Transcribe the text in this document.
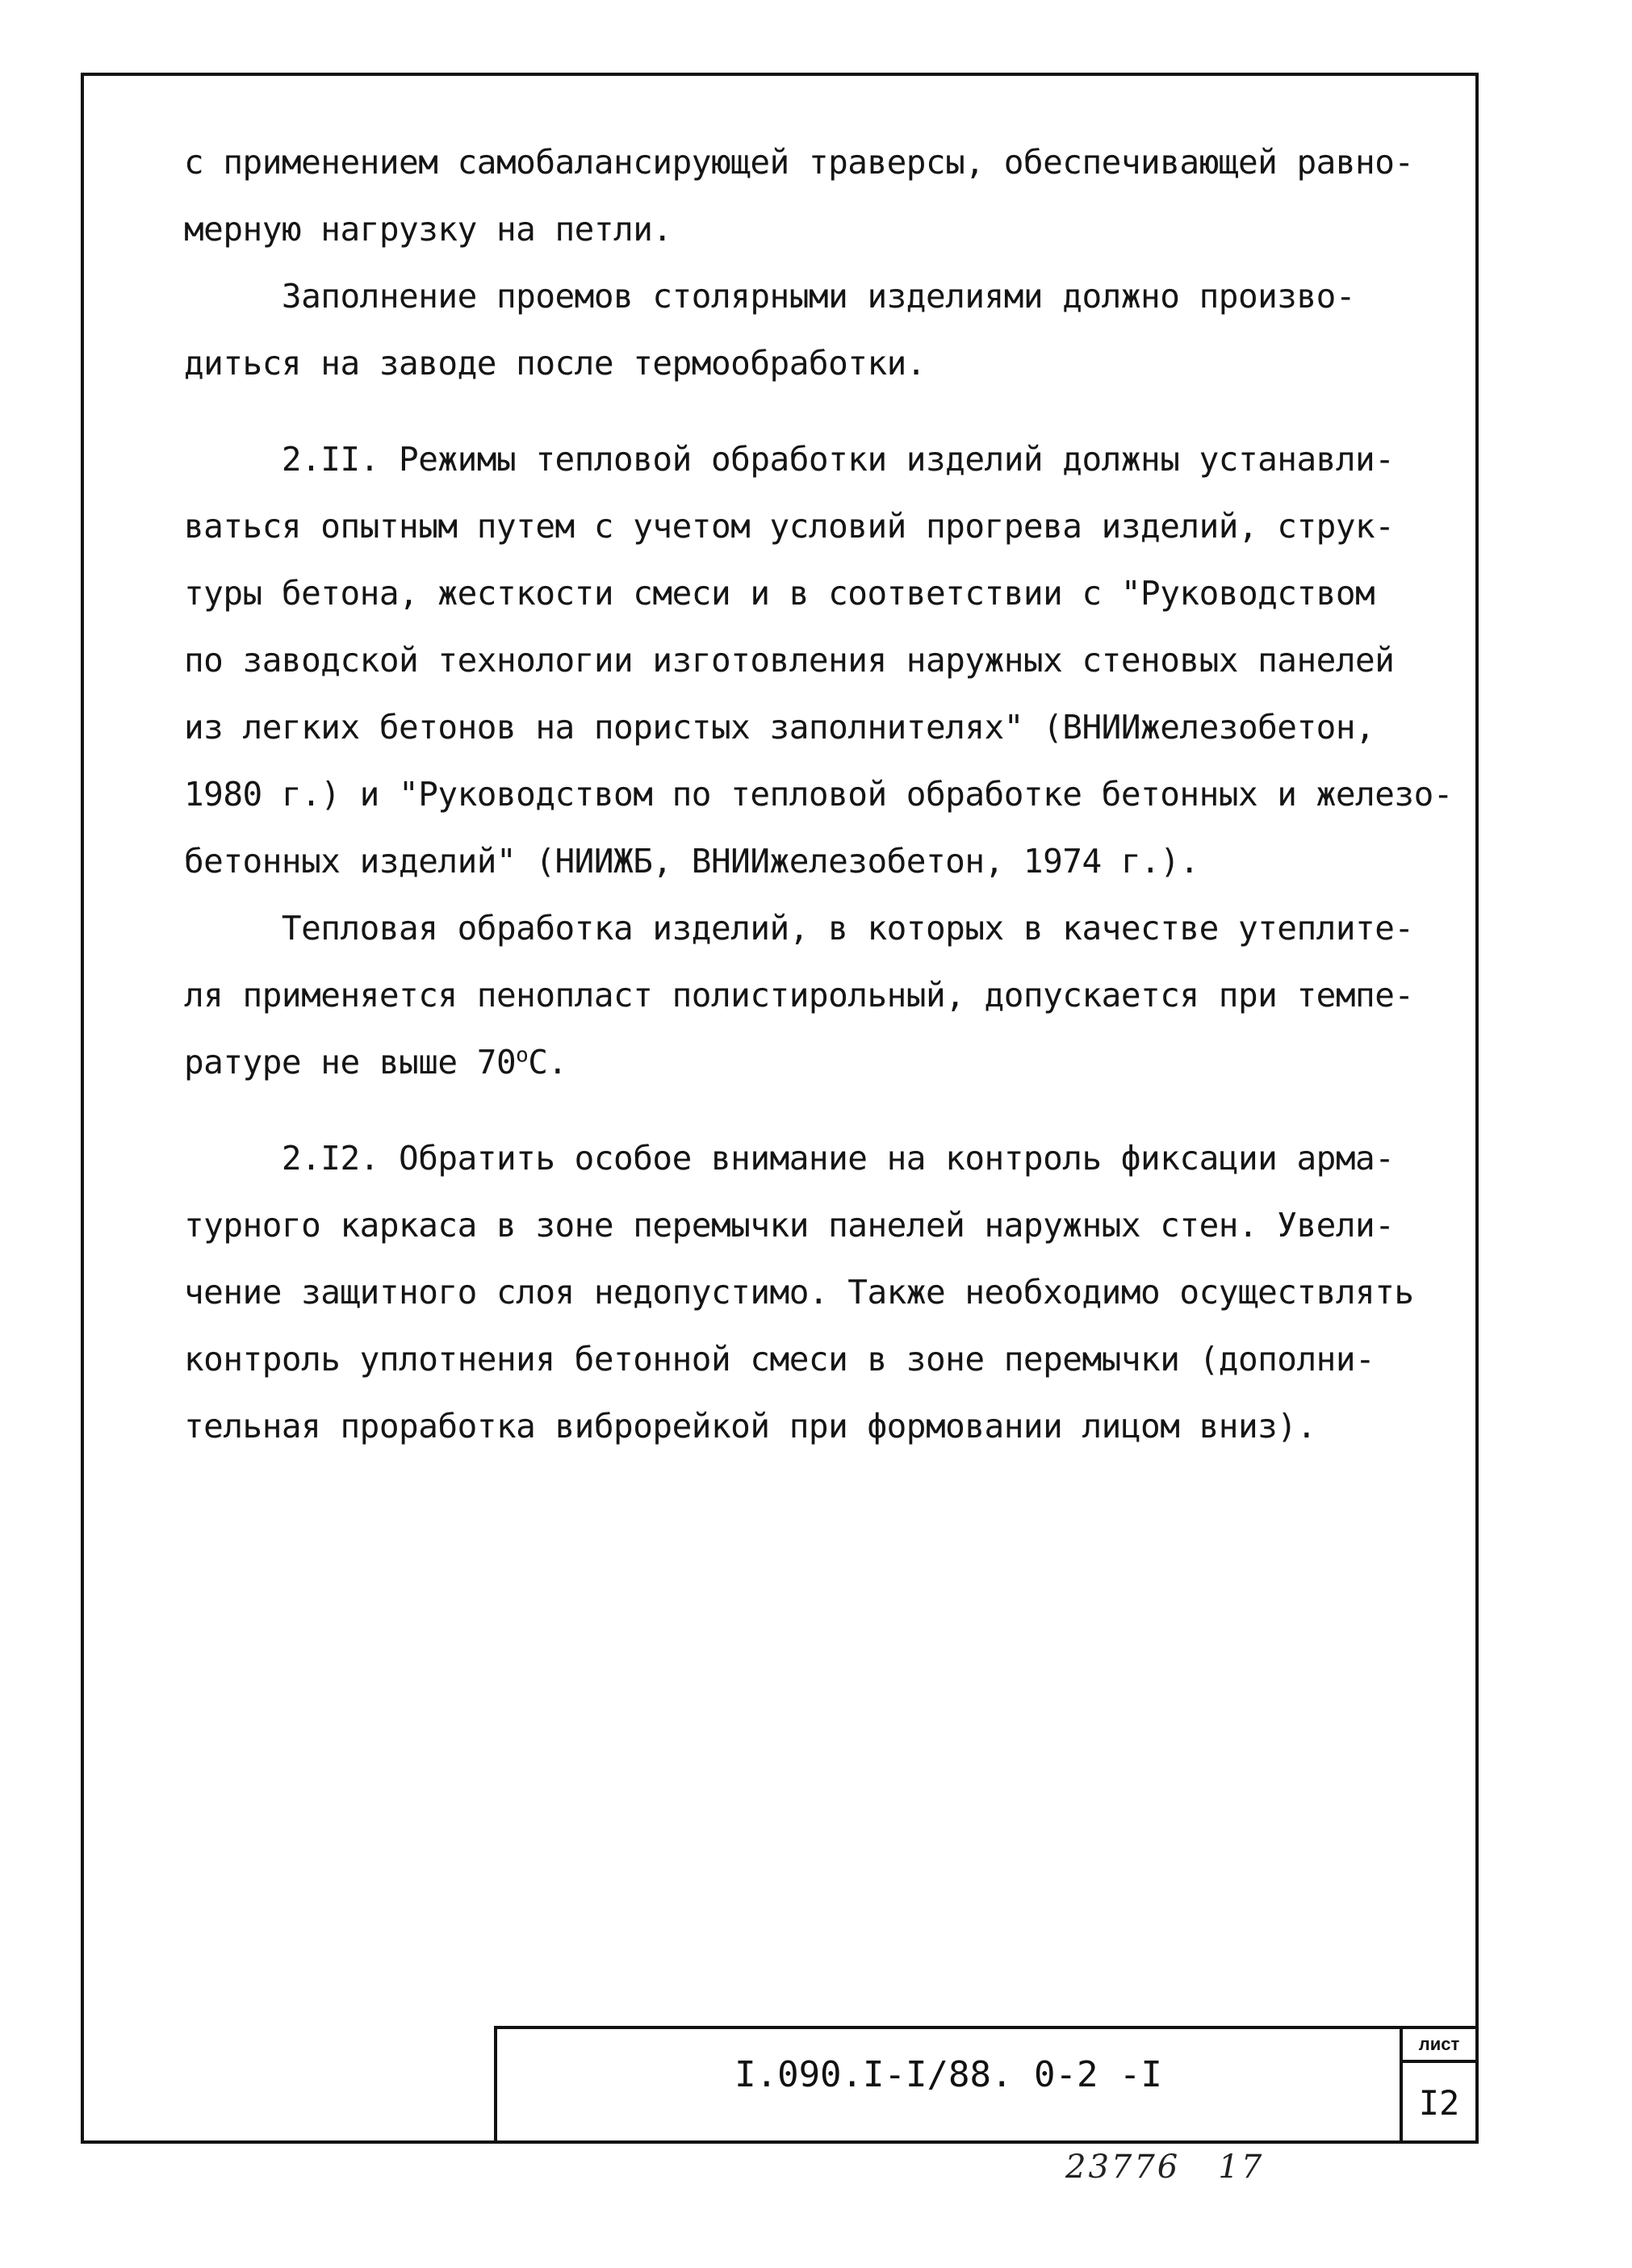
с применением самобалансирующей траверсы, обеспечивающей равно-
мерную нагрузку на петли.
Заполнение проемов столярными изделиями должно произво-
диться на заводе после термообработки.
2.II. Режимы тепловой обработки изделий должны устанавли-
ваться опытным путем с учетом условий прогрева изделий, струк-
туры бетона, жесткости смеси и в соответствии с "Руководством
по заводской технологии изготовления наружных стеновых панелей
из легких бетонов на пористых заполнителях" (ВНИИжелезобетон,
1980 г.) и "Руководством по тепловой обработке бетонных и железо-
бетонных изделий" (НИИЖБ, ВНИИжелезобетон, 1974 г.).
Тепловая обработка изделий, в которых в качестве утеплите-
ля применяется пенопласт полистирольный, допускается при темпе-
ратуре не выше $70^оС$.
2.I2. Обратить особое внимание на контроль фиксации арма-
турного каркаса в зоне перемычки панелей наружных стен. Увели-
чение защитного слоя недопустимо. Также необходимо осуществлять
контроль уплотнения бетонной смеси в зоне перемычки (дополни-
тельная проработка виброрейкой при формовании лицом вниз).
I.090.I-I/88. 0-2 -I
лист
I2
23776   17
